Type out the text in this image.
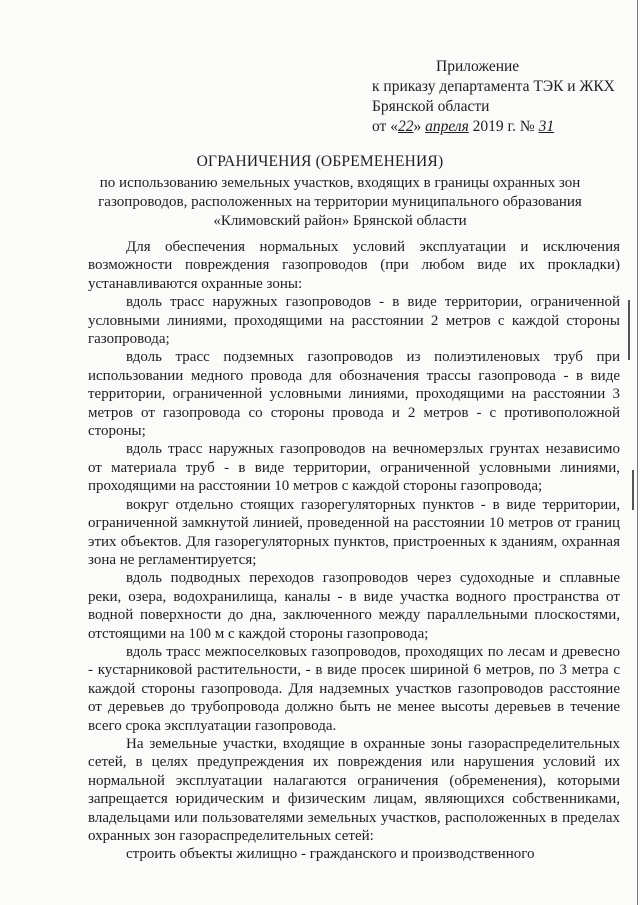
Приложение
к приказу департамента ТЭК и ЖКХ
Брянской области
от «22» апреля 2019 г. № 31
ОГРАНИЧЕНИЯ (ОБРЕМЕНЕНИЯ)
по использованию земельных участков, входящих в границы охранных зон
газопроводов, расположенных на территории муниципального образования
«Климовский район» Брянской области

Для обеспечения нормальных условий эксплуатации и исключения возможности повреждения газопроводов (при любом виде их прокладки) устанавливаются охранные зоны:

вдоль трасс наружных газопроводов - в виде территории, ограниченной условными линиями, проходящими на расстоянии 2 метров с каждой стороны газопровода;

вдоль трасс подземных газопроводов из полиэтиленовых труб при использовании медного провода для обозначения трассы газопровода - в виде территории, ограниченной условными линиями, проходящими на расстоянии 3 метров от газопровода со стороны провода и 2 метров - с противоположной стороны;

вдоль трасс наружных газопроводов на вечномерзлых грунтах независимо от материала труб - в виде территории, ограниченной условными линиями, проходящими на расстоянии 10 метров с каждой стороны газопровода;

вокруг отдельно стоящих газорегуляторных пунктов - в виде территории, ограниченной замкнутой линией, проведенной на расстоянии 10 метров от границ этих объектов. Для газорегуляторных пунктов, пристроенных к зданиям, охранная зона не регламентируется;

вдоль подводных переходов газопроводов через судоходные и сплавные реки, озера, водохранилища, каналы - в виде участка водного пространства от водной поверхности до дна, заключенного между параллельными плоскостями, отстоящими на 100 м с каждой стороны газопровода;

вдоль трасс межпоселковых газопроводов, проходящих по лесам и древесно - кустарниковой растительности, - в виде просек шириной 6 метров, по 3 метра с каждой стороны газопровода. Для надземных участков газопроводов расстояние от деревьев до трубопровода должно быть не менее высоты деревьев в течение всего срока эксплуатации газопровода.

На земельные участки, входящие в охранные зоны газораспределительных сетей, в целях предупреждения их повреждения или нарушения условий их нормальной эксплуатации налагаются ограничения (обременения), которыми запрещается юридическим и физическим лицам, являющихся собственниками, владельцами или пользователями земельных участков, расположенных в пределах охранных зон газораспределительных сетей:

строить объекты жилищно - гражданского и производственного
